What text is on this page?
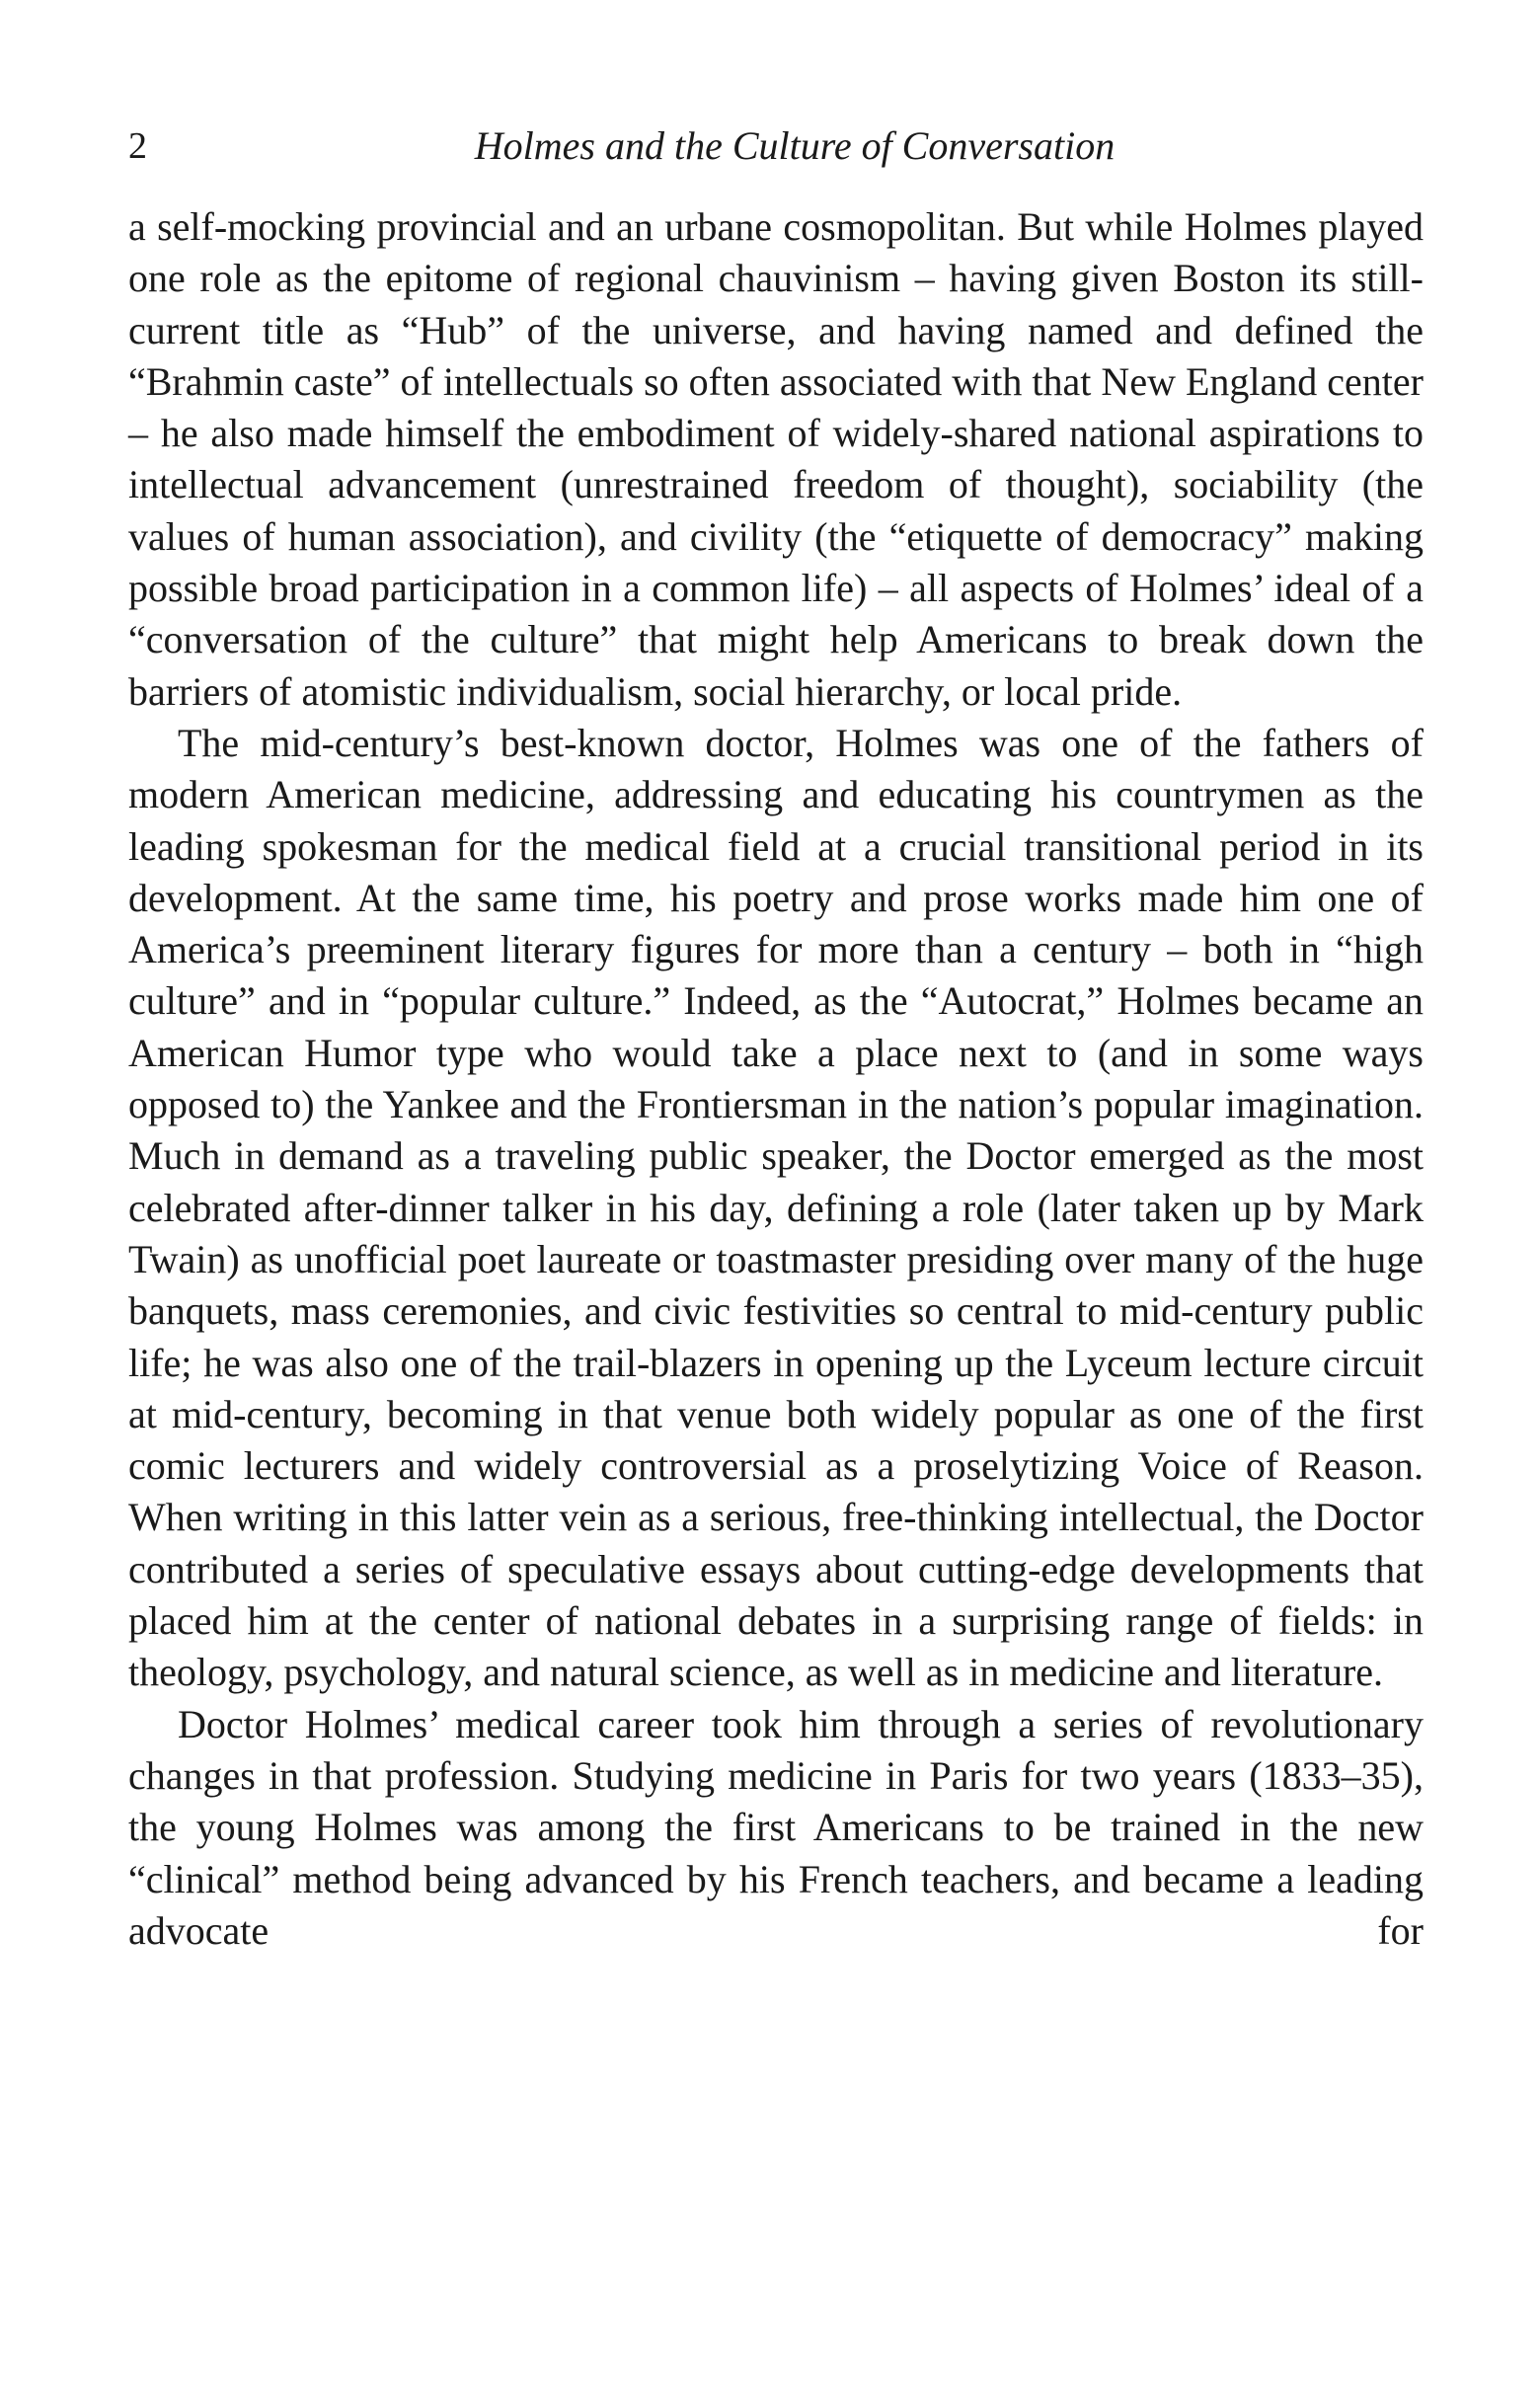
2	Holmes and the Culture of Conversation

a self-mocking provincial and an urbane cosmopolitan. But while Holmes played one role as the epitome of regional chauvinism – having given Boston its still-current title as “Hub” of the universe, and having named and defined the “Brahmin caste” of intellectuals so often associated with that New England center – he also made himself the embodiment of widely-shared national aspirations to intellectual advancement (unrestrained freedom of thought), sociability (the values of human association), and civility (the “etiquette of democracy” making possible broad participation in a common life) – all aspects of Holmes’ ideal of a “conversation of the culture” that might help Americans to break down the barriers of atomistic individualism, social hierarchy, or local pride.

The mid-century’s best-known doctor, Holmes was one of the fathers of modern American medicine, addressing and educating his countrymen as the leading spokesman for the medical field at a crucial transitional period in its development. At the same time, his poetry and prose works made him one of America’s preeminent literary figures for more than a century – both in “high culture” and in “popular culture.” Indeed, as the “Autocrat,” Holmes became an American Humor type who would take a place next to (and in some ways opposed to) the Yankee and the Frontiersman in the nation’s popular imagination. Much in demand as a traveling public speaker, the Doctor emerged as the most celebrated after-dinner talker in his day, defining a role (later taken up by Mark Twain) as unofficial poet laureate or toastmaster presiding over many of the huge banquets, mass ceremonies, and civic festivities so central to mid-century public life; he was also one of the trail-blazers in opening up the Lyceum lecture circuit at mid-century, becoming in that venue both widely popular as one of the first comic lecturers and widely controversial as a proselytizing Voice of Reason. When writing in this latter vein as a serious, free-thinking intellectual, the Doctor contributed a series of speculative essays about cutting-edge developments that placed him at the center of national debates in a surprising range of fields: in theology, psychology, and natural science, as well as in medicine and literature.

Doctor Holmes’ medical career took him through a series of revolutionary changes in that profession. Studying medicine in Paris for two years (1833–35), the young Holmes was among the first Americans to be trained in the new “clinical” method being advanced by his French teachers, and became a leading advocate for
